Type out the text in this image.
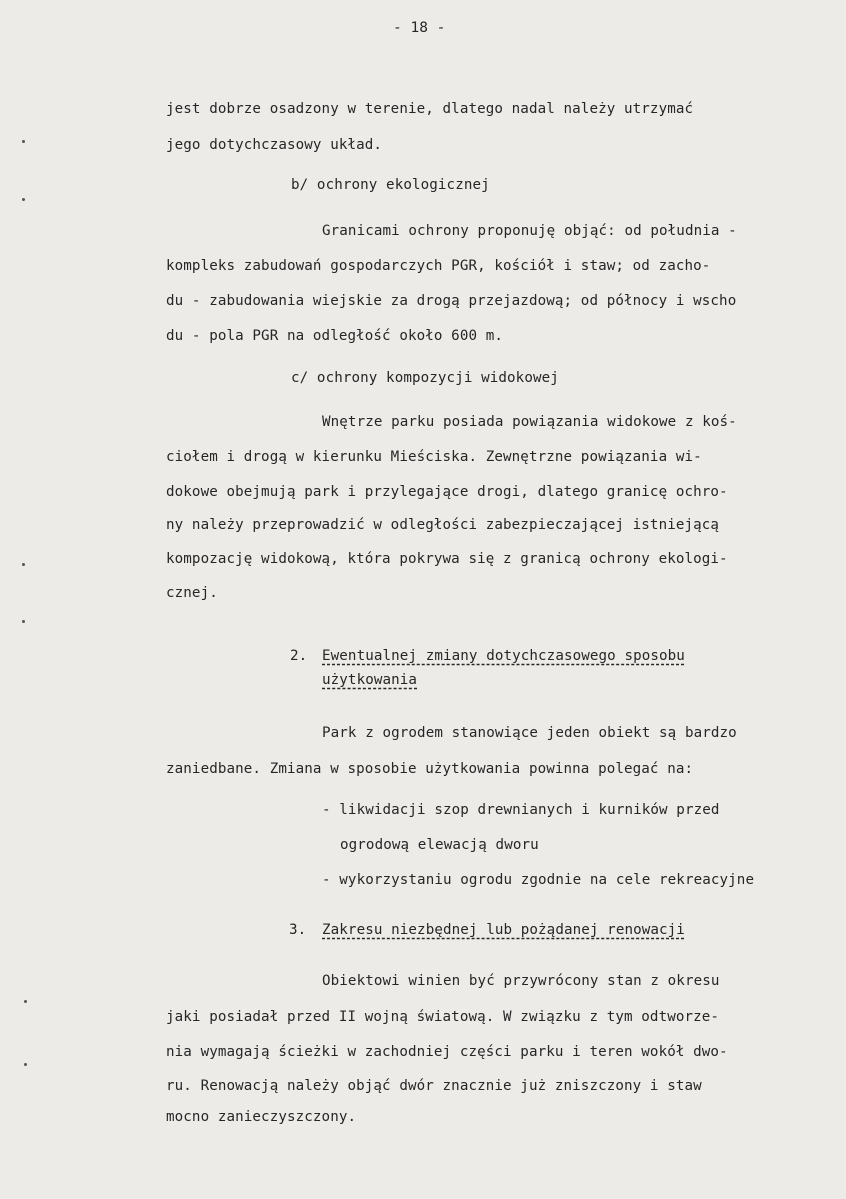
- 18 -
jest dobrze osadzony w terenie, dlatego nadal należy utrzymać
jego dotychczasowy układ.
b/ ochrony ekologicznej
Granicami ochrony proponuję objąć: od południa -
kompleks zabudowań gospodarczych PGR, kościół i staw; od zacho-
du - zabudowania wiejskie za drogą przejazdową; od północy i wscho
du - pola PGR na odległość około 600 m.
c/ ochrony kompozycji widokowej
Wnętrze parku posiada powiązania widokowe z koś-
ciołem i drogą w kierunku Mieściska. Zewnętrzne powiązania wi-
dokowe obejmują park i przylegające drogi, dlatego granicę ochro-
ny należy przeprowadzić w odległości zabezpieczającej istniejącą
kompozację widokową, która pokrywa się z granicą ochrony ekologi-
cznej.
2. Ewentualnej zmiany dotychczasowego sposobu
użytkowania
Park z ogrodem stanowiące jeden obiekt są bardzo
zaniedbane. Zmiana w sposobie użytkowania powinna polegać na:
- likwidacji szop drewnianych i kurników przed
ogrodową elewacją dworu
- wykorzystaniu ogrodu zgodnie na cele rekreacyjne
3. Zakresu niezbędnej lub pożądanej renowacji
Obiektowi winien być przywrócony stan z okresu
jaki posiadał przed II wojną światową. W związku z tym odtworze-
nia wymagają ścieżki w zachodniej części parku i teren wokół dwo-
ru. Renowacją należy objąć dwór znacznie już zniszczony i staw
mocno zanieczyszczony.
